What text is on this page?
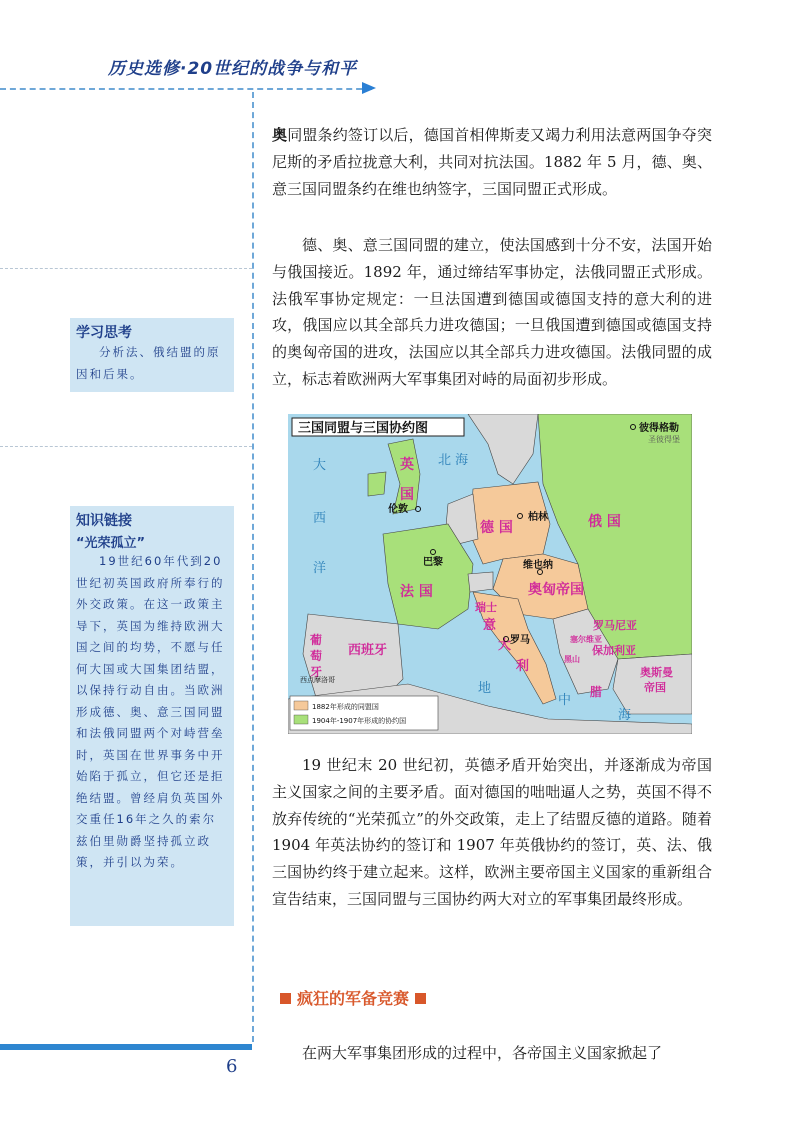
历史选修·20世纪的战争与和平
学习思考

分析法、俄结盟的原因和后果。

知识链接
“光荣孤立”

19世纪60年代到20世纪初英国政府所奉行的外交政策。在这一政策主导下，英国为维持欧洲大国之间的均势，不愿与任何大国或大国集团结盟，以保持行动自由。当欧洲形成德、奥、意三国同盟和法俄同盟两个对峙营垒时，英国在世界事务中开始陷于孤立，但它还是拒绝结盟。曾经肩负英国外交重任16年之久的索尔兹伯里勋爵坚持孤立政策，并引以为荣。

奥同盟条约签订以后，德国首相俾斯麦又竭力利用法意两国争夺突尼斯的矛盾拉拢意大利，共同对抗法国。1882 年 5 月，德、奥、意三国同盟条约在维也纳签字，三国同盟正式形成。

德、奥、意三国同盟的建立，使法国感到十分不安，法国开始与俄国接近。1892 年，通过缔结军事协定，法俄同盟正式形成。法俄军事协定规定：一旦法国遭到德国或德国支持的意大利的进攻，俄国应以其全部兵力进攻德国；一旦俄国遭到德国或德国支持的奥匈帝国的进攻，法国应以其全部兵力进攻德国。法俄同盟的成立，标志着欧洲两大军事集团对峙的局面初步形成。

三国同盟与三国协约图
英
国
德 国	俄 国
法 国	奥匈帝国
瑞士
意
大
利
西班牙
葡
萄
牙
罗马尼亚
保加利亚
奥斯曼
帝国
塞尔维亚
黑山
腊
大
西
洋
北 海
地
中
海
伦敦
巴黎
柏林
维也纳
罗马
彼得格勒
圣彼得堡
西点摩洛哥
1882年形成的同盟国
1904年-1907年形成的协约国

19 世纪末 20 世纪初，英德矛盾开始突出，并逐渐成为帝国主义国家之间的主要矛盾。面对德国的咄咄逼人之势，英国不得不放弃传统的“光荣孤立”的外交政策，走上了结盟反德的道路。随着 1904 年英法协约的签订和 1907 年英俄协约的签订，英、法、俄三国协约终于建立起来。这样，欧洲主要帝国主义国家的重新组合宣告结束，三国同盟与三国协约两大对立的军事集团最终形成。

疯狂的军备竞赛

在两大军事集团形成的过程中，各帝国主义国家掀起了

6
